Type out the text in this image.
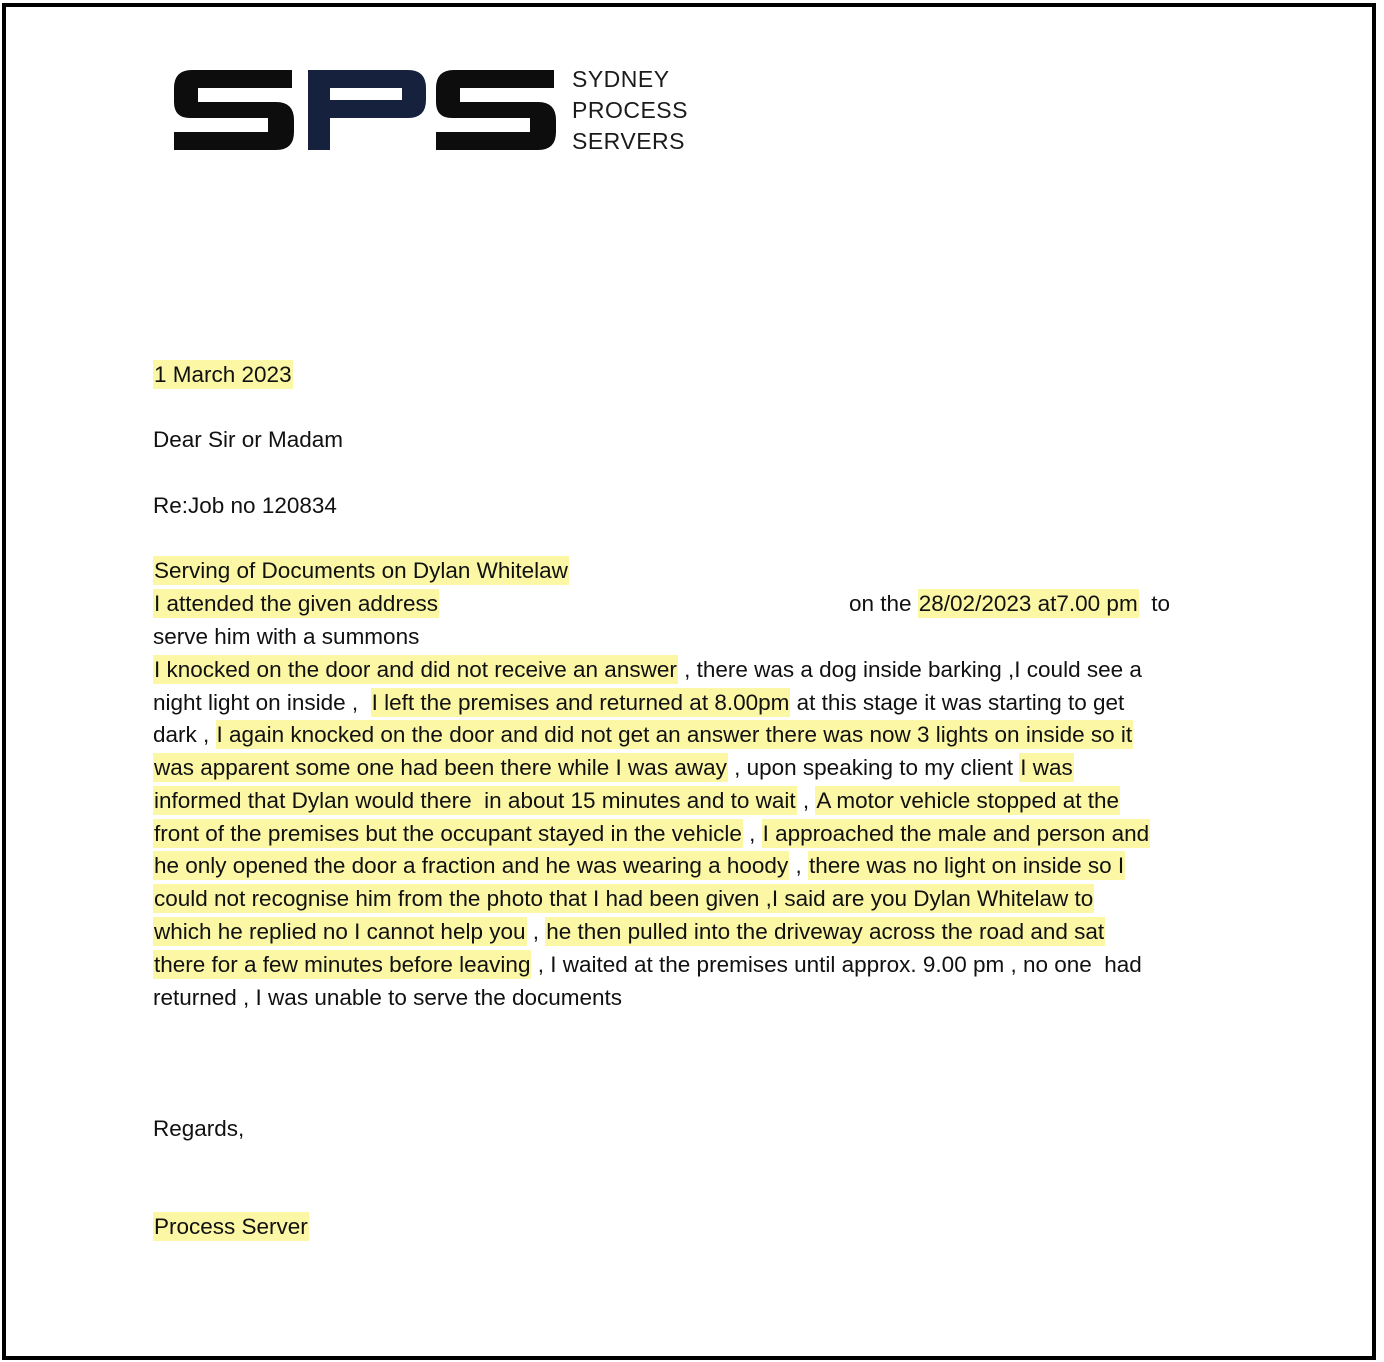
SYDNEY
PROCESS
SERVERS
1 March 2023
Dear Sir or Madam
Re:Job no 120834
Serving of Documents on Dylan Whitelaw
I attended the given address	on the 28/02/2023 at7.00 pm  to
serve him with a summons
I knocked on the door and did not receive an answer , there was a dog inside barking ,I could see a
night light on inside ,  I left the premises and returned at 8.00pm at this stage it was starting to get
dark , I again knocked on the door and did not get an answer there was now 3 lights on inside so it
was apparent some one had been there while I was away , upon speaking to my client I was
informed that Dylan would there  in about 15 minutes and to wait , A motor vehicle stopped at the
front of the premises but the occupant stayed in the vehicle , I approached the male and person and
he only opened the door a fraction and he was wearing a hoody , there was no light on inside so I
could not recognise him from the photo that I had been given ,I said are you Dylan Whitelaw to
which he replied no I cannot help you , he then pulled into the driveway across the road and sat
there for a few minutes before leaving , I waited at the premises until approx. 9.00 pm , no one  had
returned , I was unable to serve the documents
Regards,
Process Server
